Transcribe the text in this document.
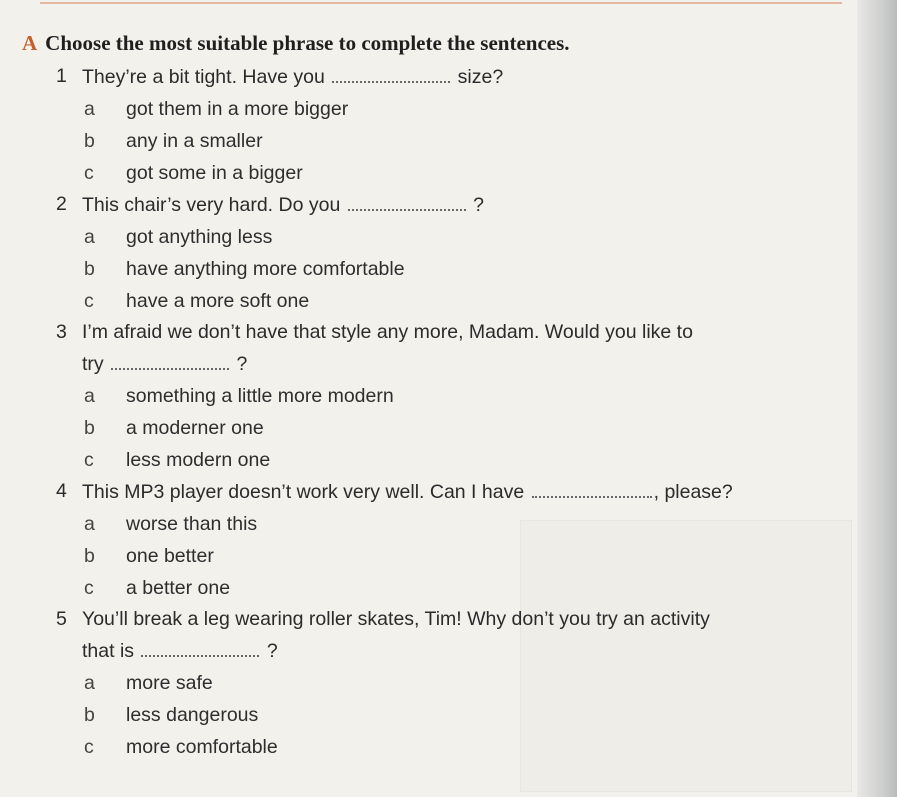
A Choose the most suitable phrase to complete the sentences.
1 They’re a bit tight. Have you	size?
a got them in a more bigger
b any in a smaller
c got some in a bigger
2 This chair’s very hard. Do you	?
a got anything less
b have anything more comfortable
c have a more soft one
3 I’m afraid we don’t have that style any more, Madam. Would you like to
try	?
a something a little more modern
b a moderner one
c less modern one
4 This MP3 player doesn’t work very well. Can I have	, please?
a worse than this
b one better
c a better one
5 You’ll break a leg wearing roller skates, Tim! Why don’t you try an activity
that is	?
a more safe
b less dangerous
c more comfortable
